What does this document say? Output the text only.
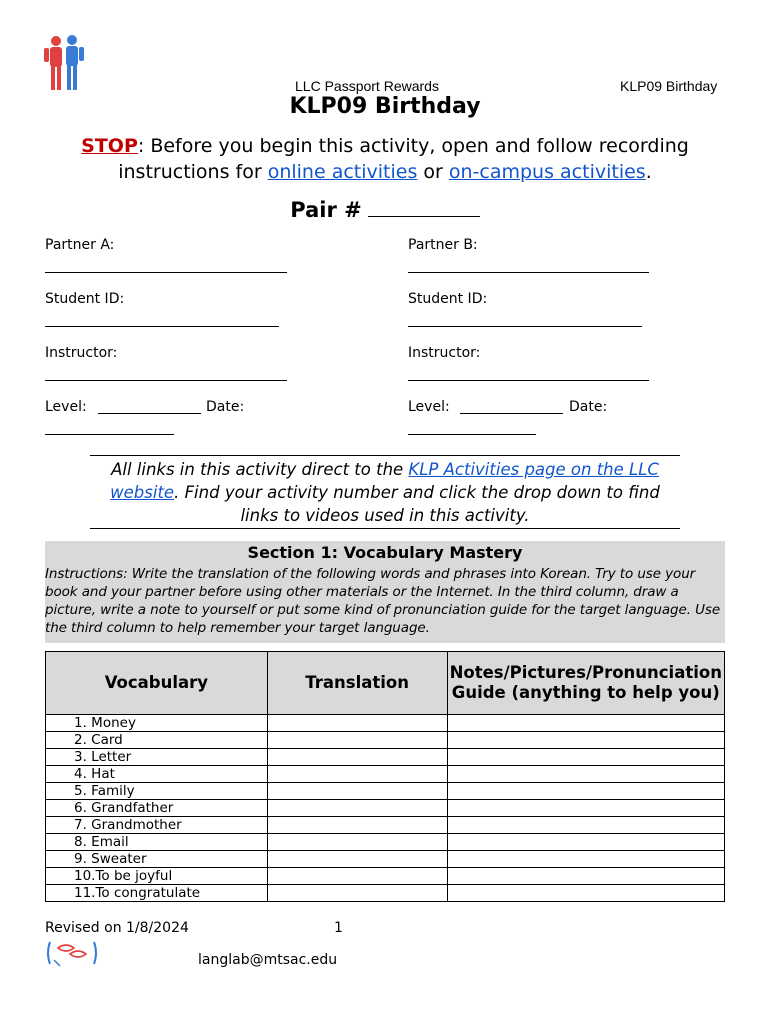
LLC Passport Rewards	KLP09 Birthday
KLP09 Birthday
STOP: Before you begin this activity, open and follow recording instructions for online activities or on-campus activities.
Pair #
Partner A:	Partner B:
Student ID:	Student ID:
Instructor:	Instructor:
Level:	Date:	Level:	Date:
All links in this activity direct to the KLP Activities page on the LLC website. Find your activity number and click the drop down to find links to videos used in this activity.
Section 1: Vocabulary Mastery
Instructions: Write the translation of the following words and phrases into Korean. Try to use your book and your partner before using other materials or the Internet. In the third column, draw a picture, write a note to yourself or put some kind of pronunciation guide for the target language. Use the third column to help remember your target language.
Vocabulary	Translation	Notes/Pictures/Pronunciation Guide (anything to help you)
1. Money		
2. Card		
3. Letter		
4. Hat		
5. Family		
6. Grandfather		
7. Grandmother		
8. Email		
9. Sweater		
10.To be joyful		
11.To congratulate		
Revised on 1/8/2024	1
langlab@mtsac.edu
